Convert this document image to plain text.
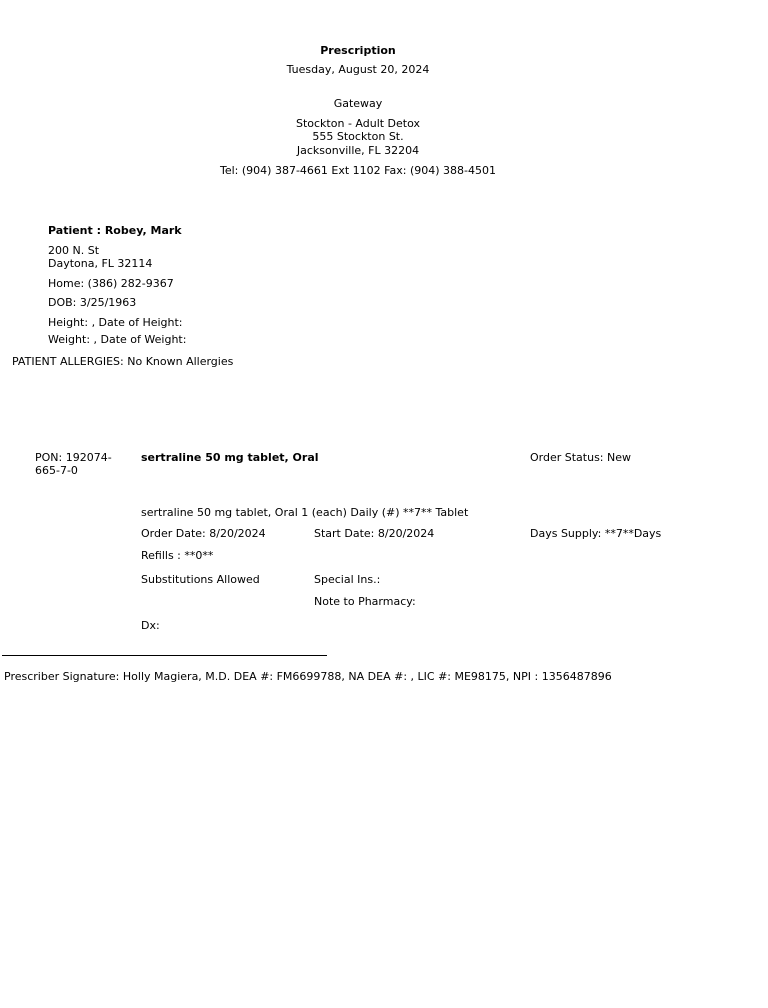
Prescription
Tuesday, August 20, 2024
Gateway
Stockton - Adult Detox
555 Stockton St.
Jacksonville, FL 32204
Tel: (904) 387-4661 Ext 1102 Fax: (904) 388-4501
Patient : Robey, Mark
200 N. St
Daytona, FL 32114
Home: (386) 282-9367
DOB: 3/25/1963
Height: , Date of Height:
Weight: , Date of Weight:
PATIENT ALLERGIES: No Known Allergies
PON: 192074-
665-7-0
sertraline 50 mg tablet, Oral	Order Status: New
sertraline 50 mg tablet, Oral 1 (each) Daily (#) **7** Tablet
Order Date: 8/20/2024	Start Date: 8/20/2024	Days Supply: **7**Days
Refills : **0**
Substitutions Allowed	Special Ins.:
Note to Pharmacy:
Dx:
Prescriber Signature: Holly Magiera, M.D. DEA #: FM6699788, NA DEA #: , LIC #: ME98175, NPI : 1356487896
